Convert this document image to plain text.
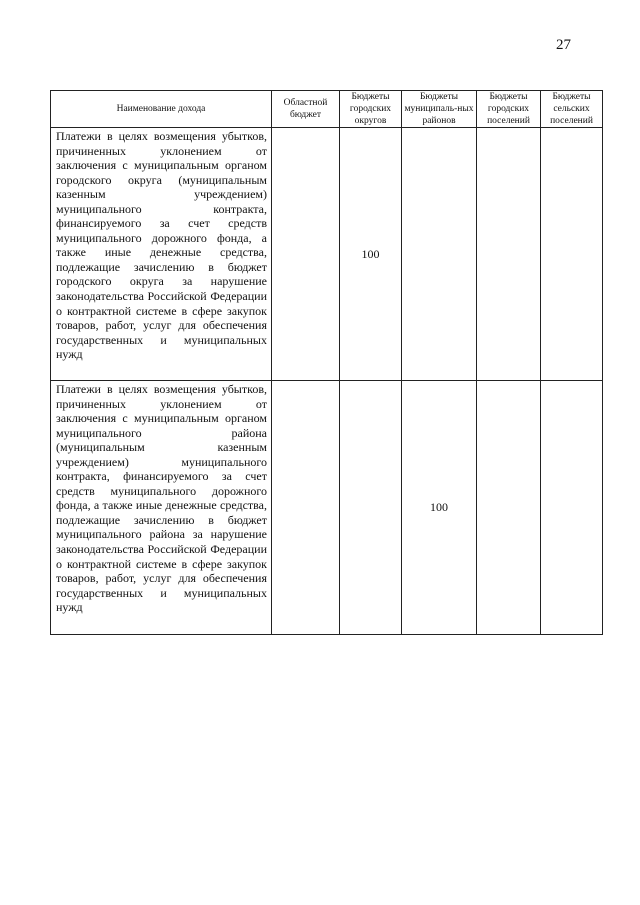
27
Наименование дохода	Областной бюджет	Бюджеты городских округов	Бюджеты муниципаль-ных районов	Бюджеты городских поселений	Бюджеты сельских поселений
Платежи в целях возмещения убытков, причиненных уклонением от заключения с муниципальным органом городского округа (муниципальным казенным учреждением) муниципального контракта, финансируемого за счет средств муниципального дорожного фонда, а также иные денежные средства, подлежащие зачислению в бюджет городского округа за нарушение законодательства Российской Федерации о контрактной системе в сфере закупок товаров, работ, услуг для обеспечения государственных и муниципальных нужд		100			
Платежи в целях возмещения убытков, причиненных уклонением от заключения с муниципальным органом муниципального района (муниципальным казенным учреждением) муниципального контракта, финансируемого за счет средств муниципального дорожного фонда, а также иные денежные средства, подлежащие зачислению в бюджет муниципального района за нарушение законодательства Российской Федерации о контрактной системе в сфере закупок товаров, работ, услуг для обеспечения государственных и муниципальных нужд			100		
